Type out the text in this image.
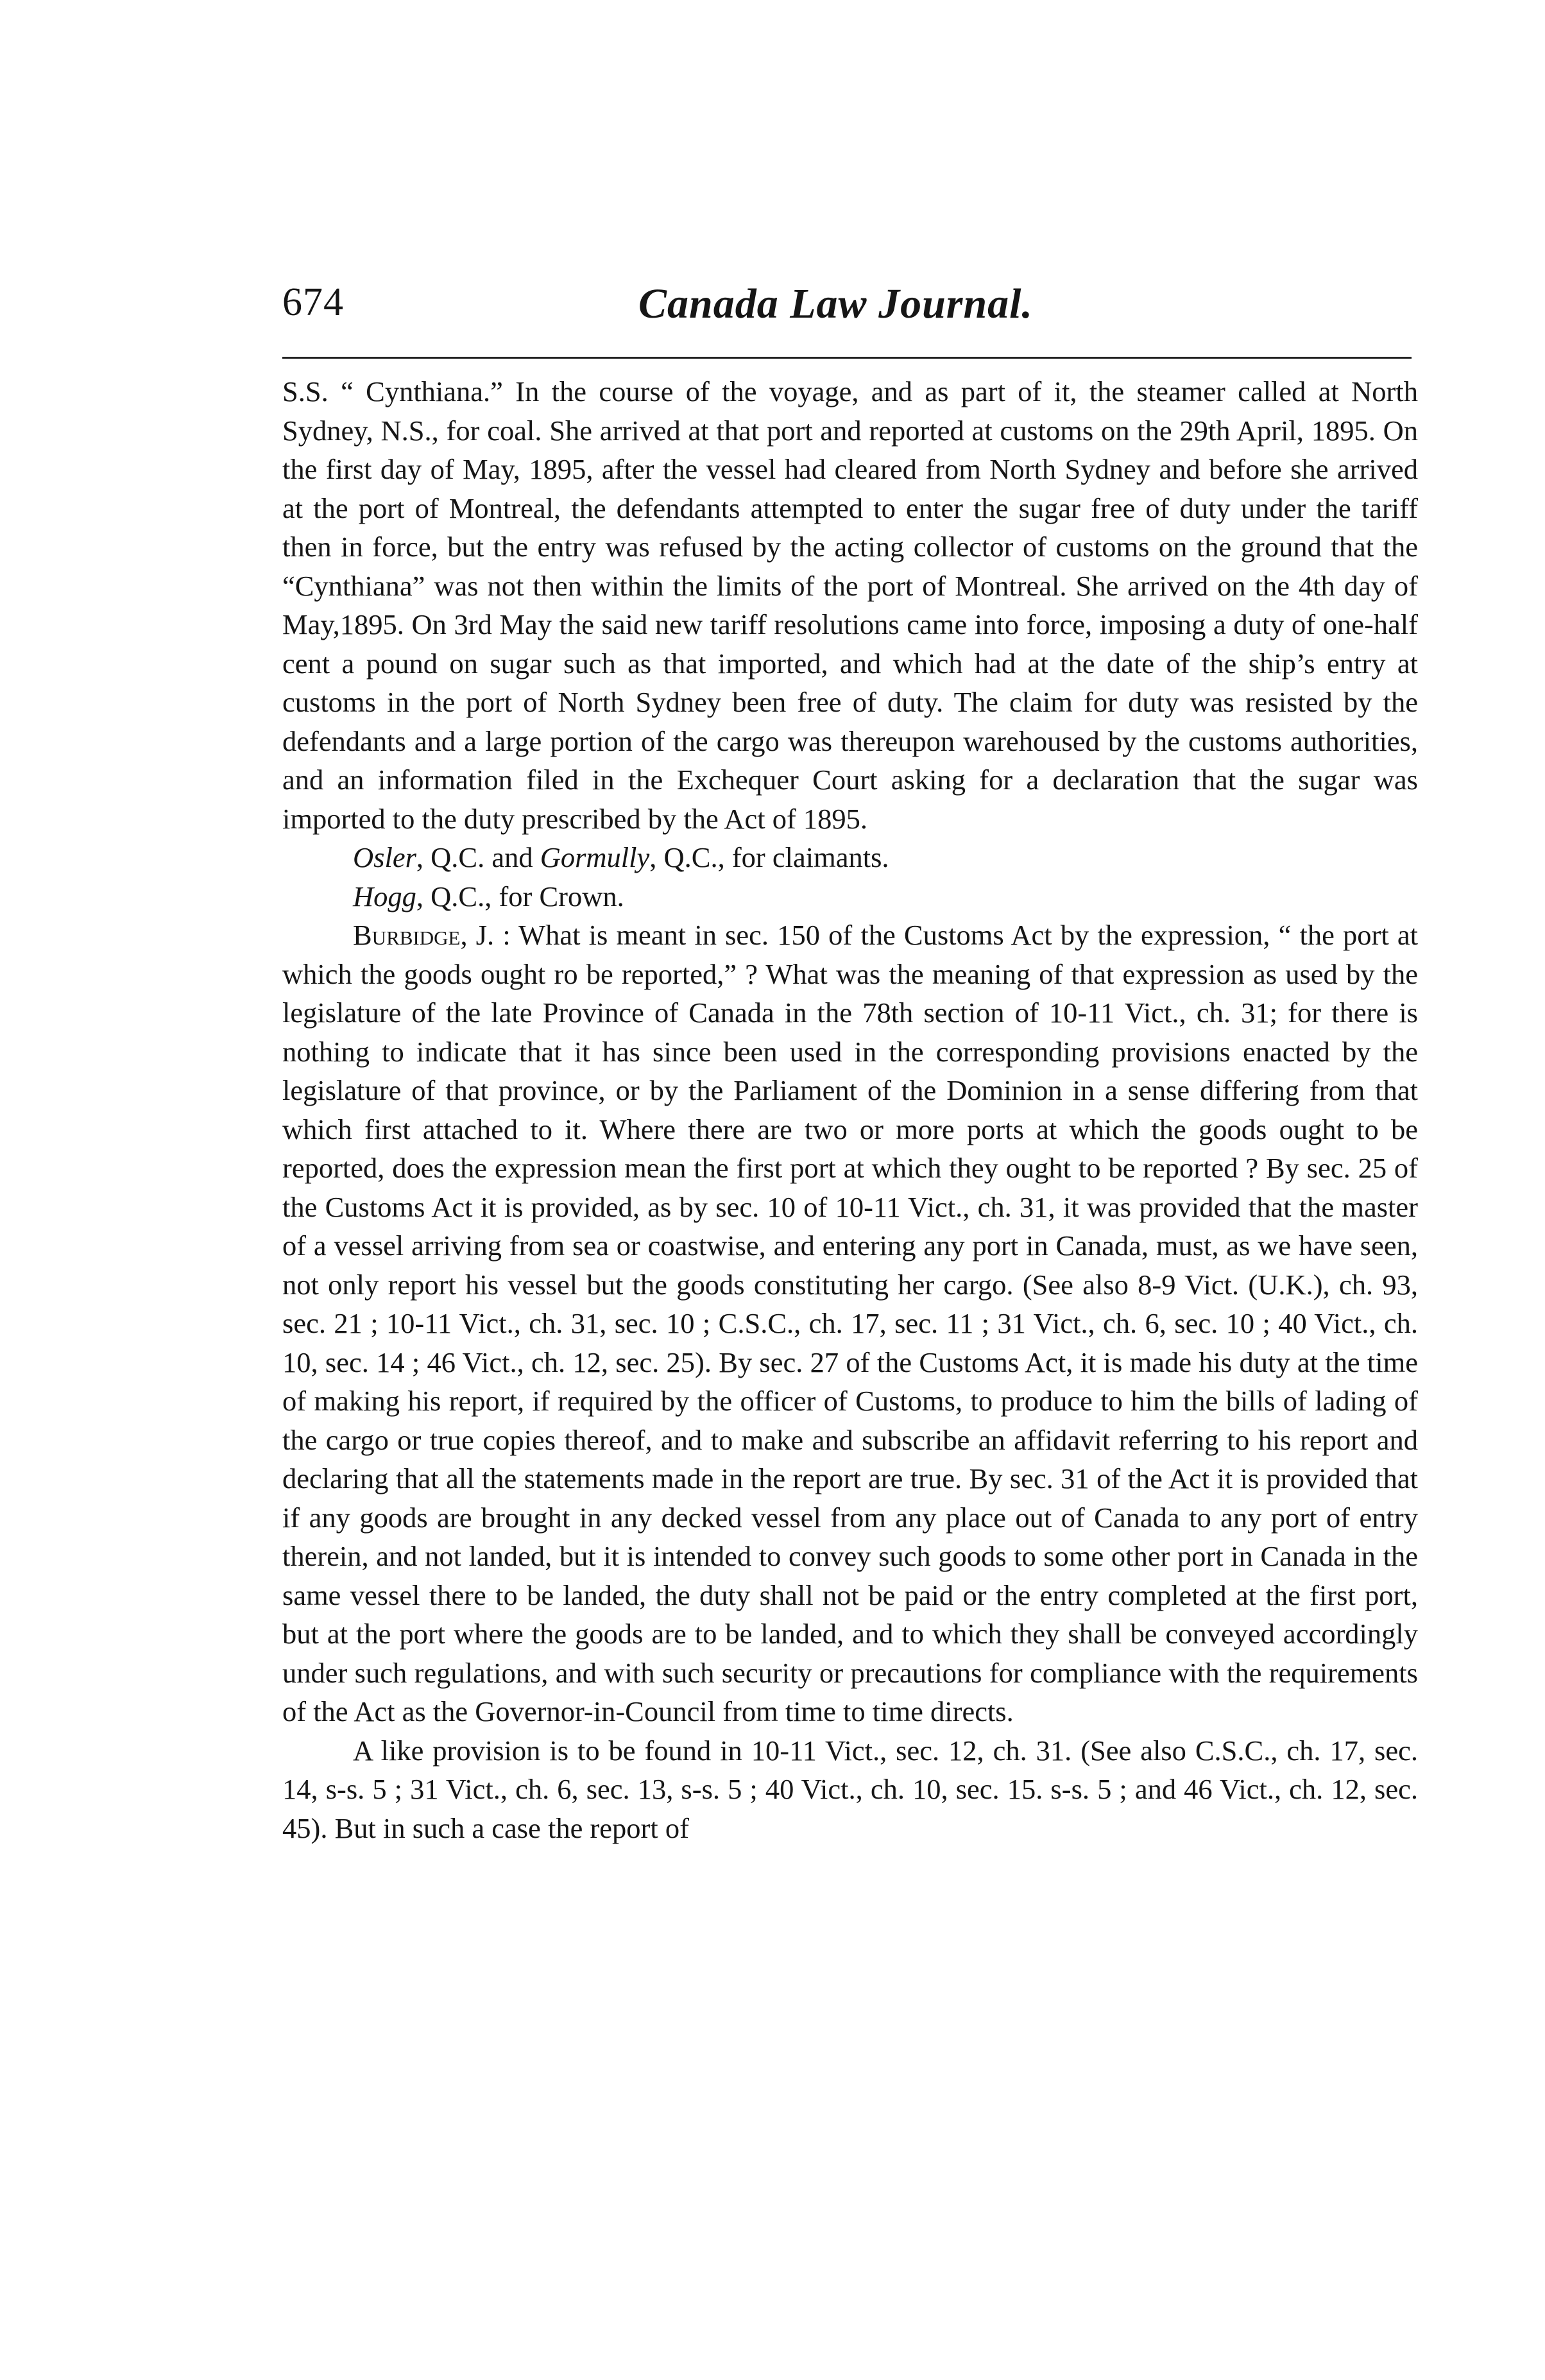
674	Canada Law Journal.

S.S. “ Cynthiana.” In the course of the voyage, and as part of it, the steamer called at North Sydney, N.S., for coal. She arrived at that port and reported at customs on the 29th April, 1895. On the first day of May, 1895, after the vessel had cleared from North Sydney and before she arrived at the port of Montreal, the defendants attempted to enter the sugar free of duty under the tariff then in force, but the entry was refused by the acting collector of customs on the ground that the “Cynthiana” was not then within the limits of the port of Montreal. She arrived on the 4th day of May,1895. On 3rd May the said new tariff resolutions came into force, imposing a duty of one-half cent a pound on sugar such as that imported, and which had at the date of the ship’s entry at customs in the port of North Sydney been free of duty. The claim for duty was resisted by the defendants and a large portion of the cargo was thereupon warehoused by the customs authorities, and an information filed in the Exchequer Court asking for a declaration that the sugar was imported to the duty prescribed by the Act of 1895.

Osler, Q.C. and Gormully, Q.C., for claimants.

Hogg, Q.C., for Crown.

Burbidge, J. : What is meant in sec. 150 of the Customs Act by the expression, “ the port at which the goods ought ro be reported,” ? What was the meaning of that expression as used by the legislature of the late Province of Canada in the 78th section of 10-11 Vict., ch. 31; for there is nothing to indicate that it has since been used in the corresponding provisions enacted by the legislature of that province, or by the Parliament of the Dominion in a sense differing from that which first attached to it. Where there are two or more ports at which the goods ought to be reported, does the expression mean the first port at which they ought to be reported ? By sec. 25 of the Customs Act it is provided, as by sec. 10 of 10-11 Vict., ch. 31, it was provided that the master of a vessel arriving from sea or coastwise, and entering any port in Canada, must, as we have seen, not only report his vessel but the goods constituting her cargo. (See also 8-9 Vict. (U.K.), ch. 93, sec. 21 ; 10-11 Vict., ch. 31, sec. 10 ; C.S.C., ch. 17, sec. 11 ; 31 Vict., ch. 6, sec. 10 ; 40 Vict., ch. 10, sec. 14 ; 46 Vict., ch. 12, sec. 25). By sec. 27 of the Customs Act, it is made his duty at the time of making his report, if required by the officer of Customs, to produce to him the bills of lading of the cargo or true copies thereof, and to make and subscribe an affidavit referring to his report and declaring that all the statements made in the report are true. By sec. 31 of the Act it is provided that if any goods are brought in any decked vessel from any place out of Canada to any port of entry therein, and not landed, but it is intended to convey such goods to some other port in Canada in the same vessel there to be landed, the duty shall not be paid or the entry completed at the first port, but at the port where the goods are to be landed, and to which they shall be conveyed accordingly under such regulations, and with such security or precautions for compliance with the requirements of the Act as the Governor-in-Council from time to time directs.

A like provision is to be found in 10-11 Vict., sec. 12, ch. 31. (See also C.S.C., ch. 17, sec. 14, s-s. 5 ; 31 Vict., ch. 6, sec. 13, s-s. 5 ; 40 Vict., ch. 10, sec. 15. s-s. 5 ; and 46 Vict., ch. 12, sec. 45). But in such a case the report of
